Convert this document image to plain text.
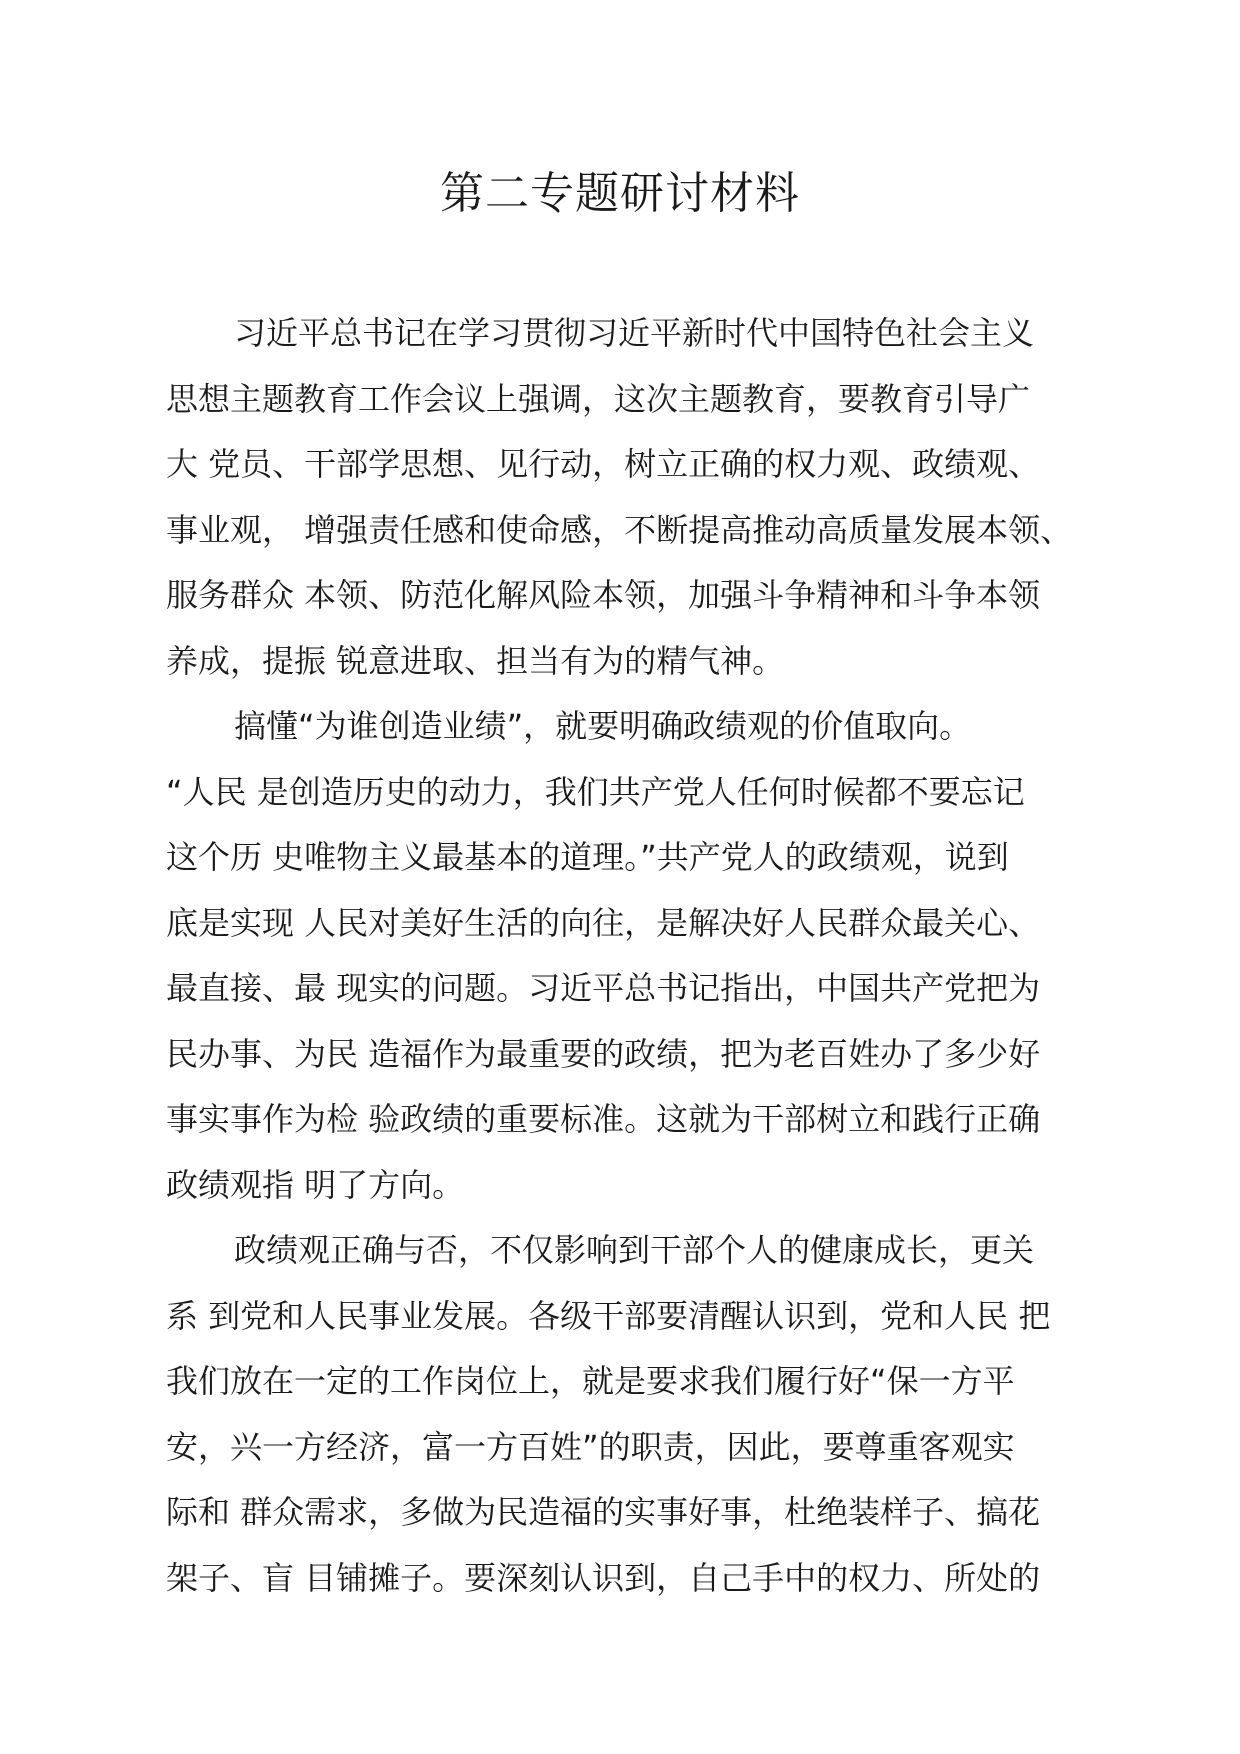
第二专题研讨材料
习近平总书记在学习贯彻习近平新时代中国特色社会主义
思想主题教育工作会议上强调，这次主题教育，要教育引导广
大 党员、干部学思想、见行动，树立正确的权力观、政绩观、
事业观， 增强责任感和使命感，不断提高推动高质量发展本领、
服务群众 本领、防范化解风险本领，加强斗争精神和斗争本领
养成，提振 锐意进取、担当有为的精气神。
搞懂“为谁创造业绩”，就要明确政绩观的价值取向。
“人民 是创造历史的动力，我们共产党人任何时候都不要忘记
这个历 史唯物主义最基本的道理。”共产党人的政绩观，说到
底是实现 人民对美好生活的向往，是解决好人民群众最关心、
最直接、最 现实的问题。习近平总书记指出，中国共产党把为
民办事、为民 造福作为最重要的政绩，把为老百姓办了多少好
事实事作为检 验政绩的重要标准。这就为干部树立和践行正确
政绩观指 明了方向。
政绩观正确与否，不仅影响到干部个人的健康成长，更关
系 到党和人民事业发展。各级干部要清醒认识到，党和人民 把
我们放在一定的工作岗位上，就是要求我们履行好“保一方平
安，兴一方经济，富一方百姓”的职责，因此，要尊重客观实
际和 群众需求，多做为民造福的实事好事，杜绝装样子、搞花
架子、盲 目铺摊子。要深刻认识到，自己手中的权力、所处的
